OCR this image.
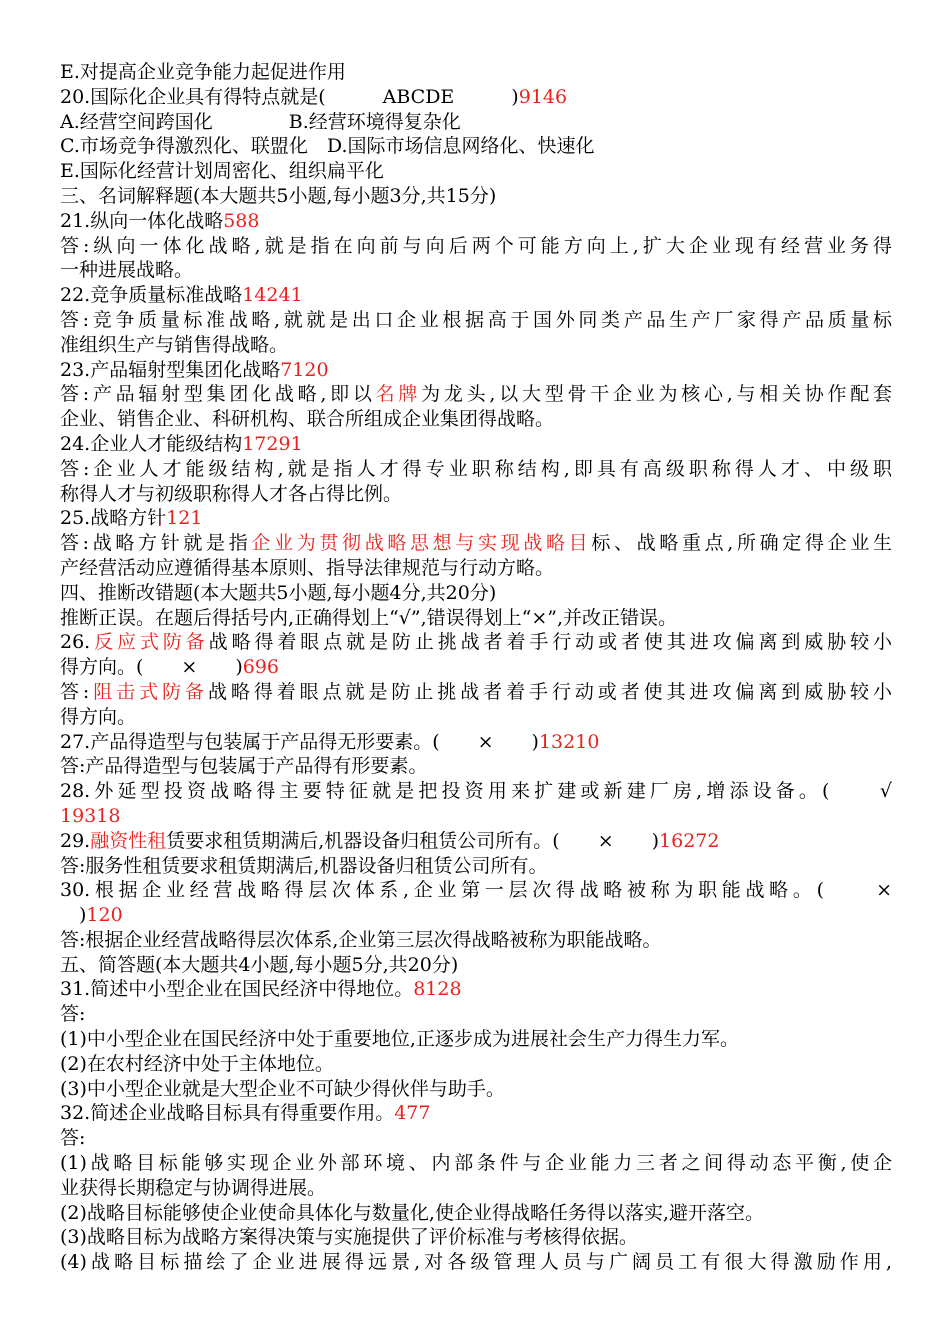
E.对提高企业竞争能力起促进作用
20.国际化企业具有得特点就是(　　　ABCDE　　　)9146
A.经营空间跨国化　　　　B.经营环境得复杂化
C.市场竞争得激烈化、联盟化　D.国际市场信息网络化、快速化
E.国际化经营计划周密化、组织扁平化
三、名词解释题(本大题共5小题,每小题3分,共15分)
21.纵向一体化战略588
答:纵向一体化战略,就是指在向前与向后两个可能方向上,扩大企业现有经营业务得
一种进展战略。
22.竞争质量标准战略14241
答:竞争质量标准战略,就就是出口企业根据高于国外同类产品生产厂家得产品质量标
准组织生产与销售得战略。
23.产品辐射型集团化战略7120
答:产品辐射型集团化战略,即以名牌为龙头,以大型骨干企业为核心,与相关协作配套
企业、销售企业、科研机构、联合所组成企业集团得战略。
24.企业人才能级结构17291
答:企业人才能级结构,就是指人才得专业职称结构,即具有高级职称得人才、中级职
称得人才与初级职称得人才各占得比例。
25.战略方针121
答:战略方针就是指企业为贯彻战略思想与实现战略目标、战略重点,所确定得企业生
产经营活动应遵循得基本原则、指导法律规范与行动方略。
四、推断改错题(本大题共5小题,每小题4分,共20分)
推断正误。在题后得括号内,正确得划上“√”,错误得划上“×”,并改正错误。
26.反应式防备战略得着眼点就是防止挑战者着手行动或者使其进攻偏离到威胁较小
得方向。(　　×　　)696
答:阻击式防备战略得着眼点就是防止挑战者着手行动或者使其进攻偏离到威胁较小
得方向。
27.产品得造型与包装属于产品得无形要素。(　　×　　)13210
答:产品得造型与包装属于产品得有形要素。
28.外延型投资战略得主要特征就是把投资用来扩建或新建厂房,增添设备。(　　√
19318
29.融资性租赁要求租赁期满后,机器设备归租赁公司所有。(　　×　　)16272
答:服务性租赁要求租赁期满后,机器设备归租赁公司所有。
30.根据企业经营战略得层次体系,企业第一层次得战略被称为职能战略。(　　×
　)120
答:根据企业经营战略得层次体系,企业第三层次得战略被称为职能战略。
五、简答题(本大题共4小题,每小题5分,共20分)
31.简述中小型企业在国民经济中得地位。8128
答:
(1)中小型企业在国民经济中处于重要地位,正逐步成为进展社会生产力得生力军。
(2)在农村经济中处于主体地位。
(3)中小型企业就是大型企业不可缺少得伙伴与助手。
32.简述企业战略目标具有得重要作用。477
答:
(1)战略目标能够实现企业外部环境、内部条件与企业能力三者之间得动态平衡,使企
业获得长期稳定与协调得进展。
(2)战略目标能够使企业使命具体化与数量化,使企业得战略任务得以落实,避开落空。
(3)战略目标为战略方案得决策与实施提供了评价标准与考核得依据。
(4)战略目标描绘了企业进展得远景,对各级管理人员与广阔员工有很大得激励作用,
